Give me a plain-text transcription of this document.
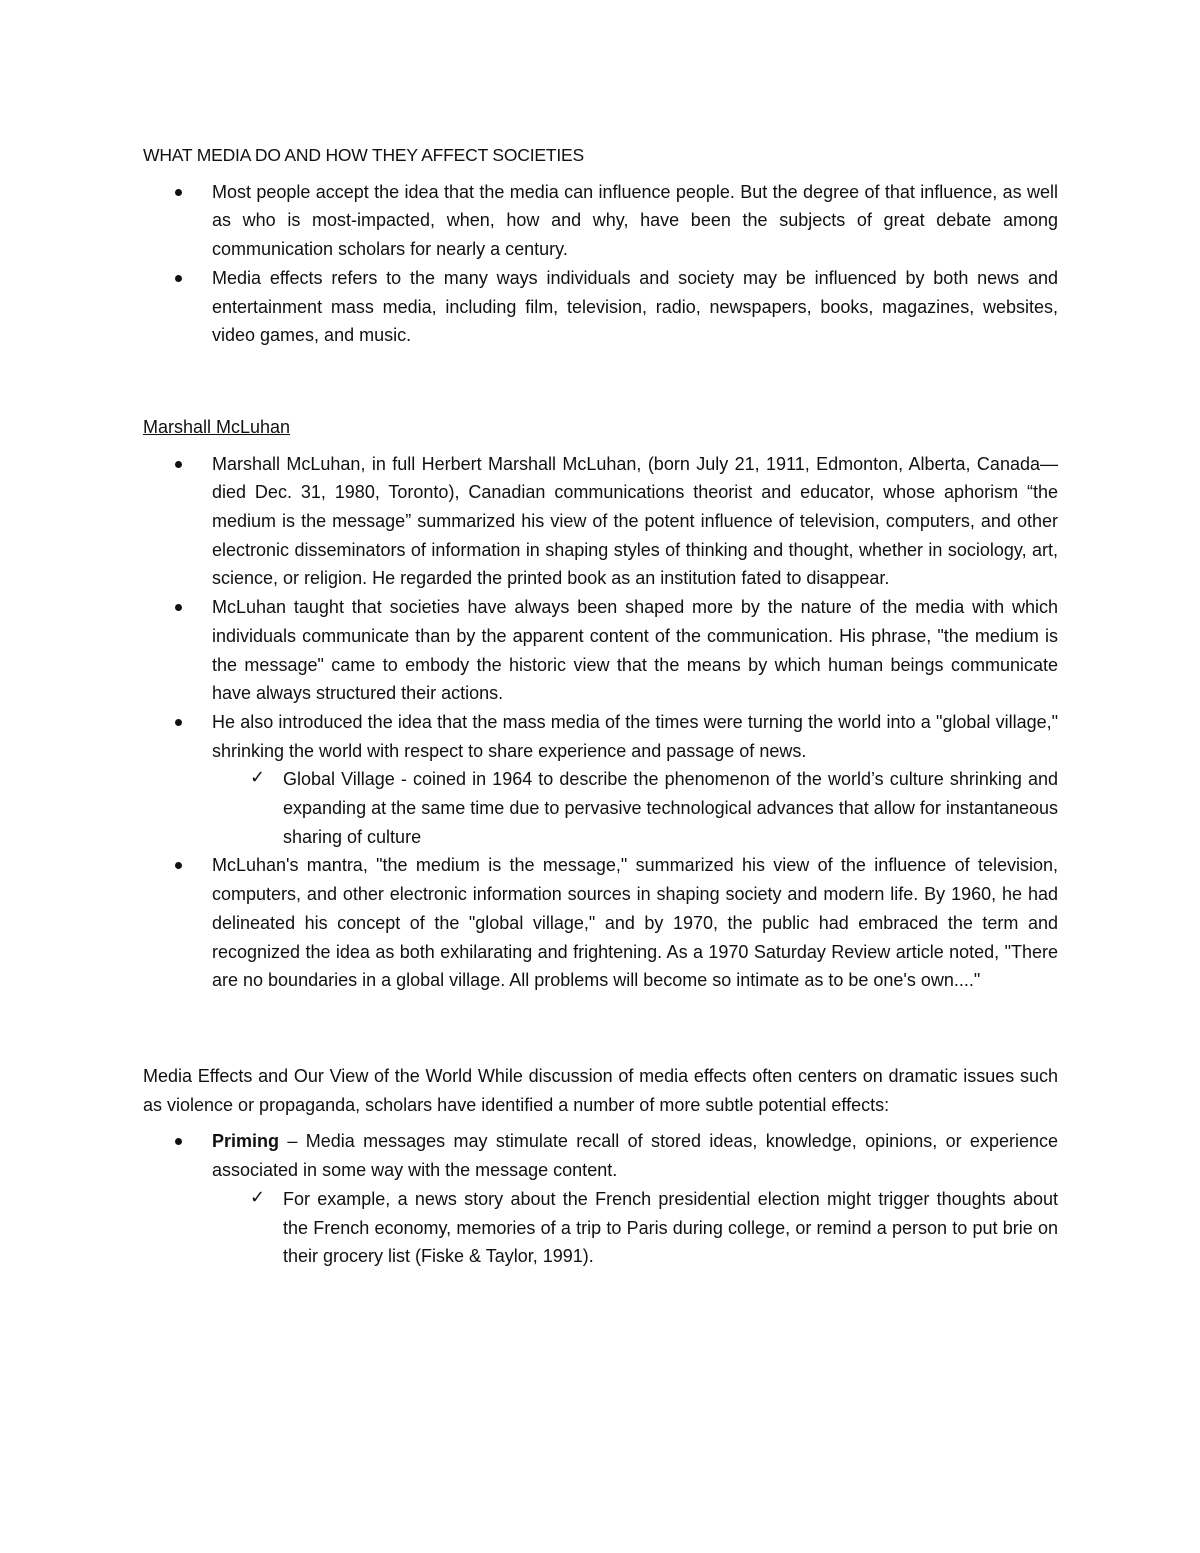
WHAT MEDIA DO AND HOW THEY AFFECT SOCIETIES

Most people accept the idea that the media can influence people. But the degree of that influence, as well as who is most-impacted, when, how and why, have been the subjects of great debate among communication scholars for nearly a century.
Media effects refers to the many ways individuals and society may be influenced by both news and entertainment mass media, including film, television, radio, newspapers, books, magazines, websites, video games, and music.

Marshall McLuhan

Marshall McLuhan, in full Herbert Marshall McLuhan, (born July 21, 1911, Edmonton, Alberta, Canada—died Dec. 31, 1980, Toronto), Canadian communications theorist and educator, whose aphorism “the medium is the message” summarized his view of the potent influence of television, computers, and other electronic disseminators of information in shaping styles of thinking and thought, whether in sociology, art, science, or religion. He regarded the printed book as an institution fated to disappear.
McLuhan taught that societies have always been shaped more by the nature of the media with which individuals communicate than by the apparent content of the communication. His phrase, "the medium is the message" came to embody the historic view that the means by which human beings communicate have always structured their actions.
He also introduced the idea that the mass media of the times were turning the world into a "global village," shrinking the world with respect to share experience and passage of news.
✓ Global Village - coined in 1964 to describe the phenomenon of the world’s culture shrinking and expanding at the same time due to pervasive technological advances that allow for instantaneous sharing of culture
McLuhan's mantra, "the medium is the message," summarized his view of the influence of television, computers, and other electronic information sources in shaping society and modern life. By 1960, he had delineated his concept of the "global village," and by 1970, the public had embraced the term and recognized the idea as both exhilarating and frightening. As a 1970 Saturday Review article noted, "There are no boundaries in a global village. All problems will become so intimate as to be one's own...."

Media Effects and Our View of the World While discussion of media effects often centers on dramatic issues such as violence or propaganda, scholars have identified a number of more subtle potential effects:

Priming – Media messages may stimulate recall of stored ideas, knowledge, opinions, or experience associated in some way with the message content.
✓ For example, a news story about the French presidential election might trigger thoughts about the French economy, memories of a trip to Paris during college, or remind a person to put brie on their grocery list (Fiske & Taylor, 1991).
